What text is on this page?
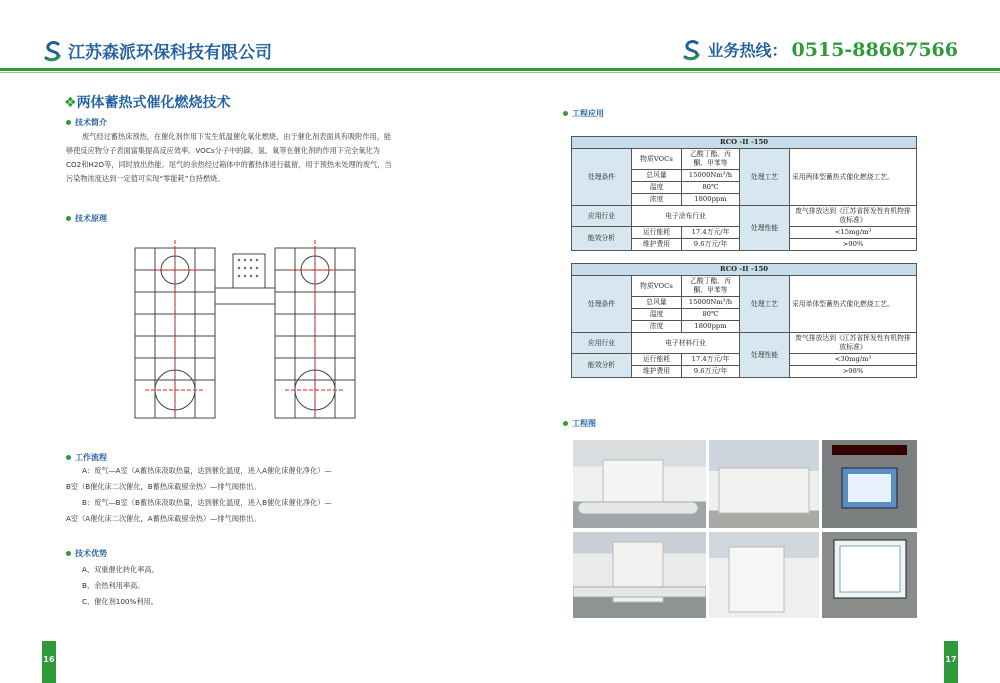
江苏森派环保科技有限公司	业务热线： 0515-88667566
❖两体蓄热式催化燃烧技术
技术简介

废气经过蓄热床预热，在催化剂作用下发生低温催化氧化燃烧，由于催化剂表面具有吸附作用，能

够使反应物分子表面富集提高反应效率。VOCs分子中的碳、氢、氧等在催化剂的作用下完全氧化为

CO2和H2O等，同时放出热能。尾气的余热经过箱体中的蓄热体进行截留，用于预热未处理的废气，当

污染物浓度达到一定值可实现“零能耗”自持燃烧。

技术原理
工作流程

A：废气—A室（A蓄热床汲取热量，达到催化温度，进入A催化床催化净化）—

B室（B催化床二次催化，B蓄热床截留余热）—排气阀排出。

B：废气—B室（B蓄热床汲取热量，达到催化温度，进入B催化床催化净化）—

A室（A催化床二次催化，A蓄热床截留余热）—排气阀排出。

技术优势

A、双重催化转化率高。

B、余热利用率高。

C、催化剂100%利用。

16
工程应用
RCO -II -150				
处理条件	物质VOCs	乙酸丁酯、丙酮、甲苯等	处理工艺	采用两体型蓄热式催化燃烧工艺。
	总风量	15000Nm³/h		
	温度	80℃		
	浓度	1800ppm		
应用行业	电子涂布行业		处理性能	废气排放达到《江苏省挥发性有机物排放标准》
能效分析	运行能耗	17.4万元/年		<15mg/m³
	维护费用	9.6万元/年		>90%
RCO -II -150				
处理条件	物质VOCs	乙酸丁酯、丙酮、甲苯等	处理工艺	采用单体型蓄热式催化燃烧工艺。
	总风量	15000Nm³/h		
	温度	80℃		
	浓度	1800ppm		
应用行业	电子材料行业		处理性能	废气排放达到《江苏省挥发性有机物排放标准》
能效分析	运行能耗	17.4万元/年		<30mg/m³
	维护费用	9.6万元/年		>98%
工程图
17
